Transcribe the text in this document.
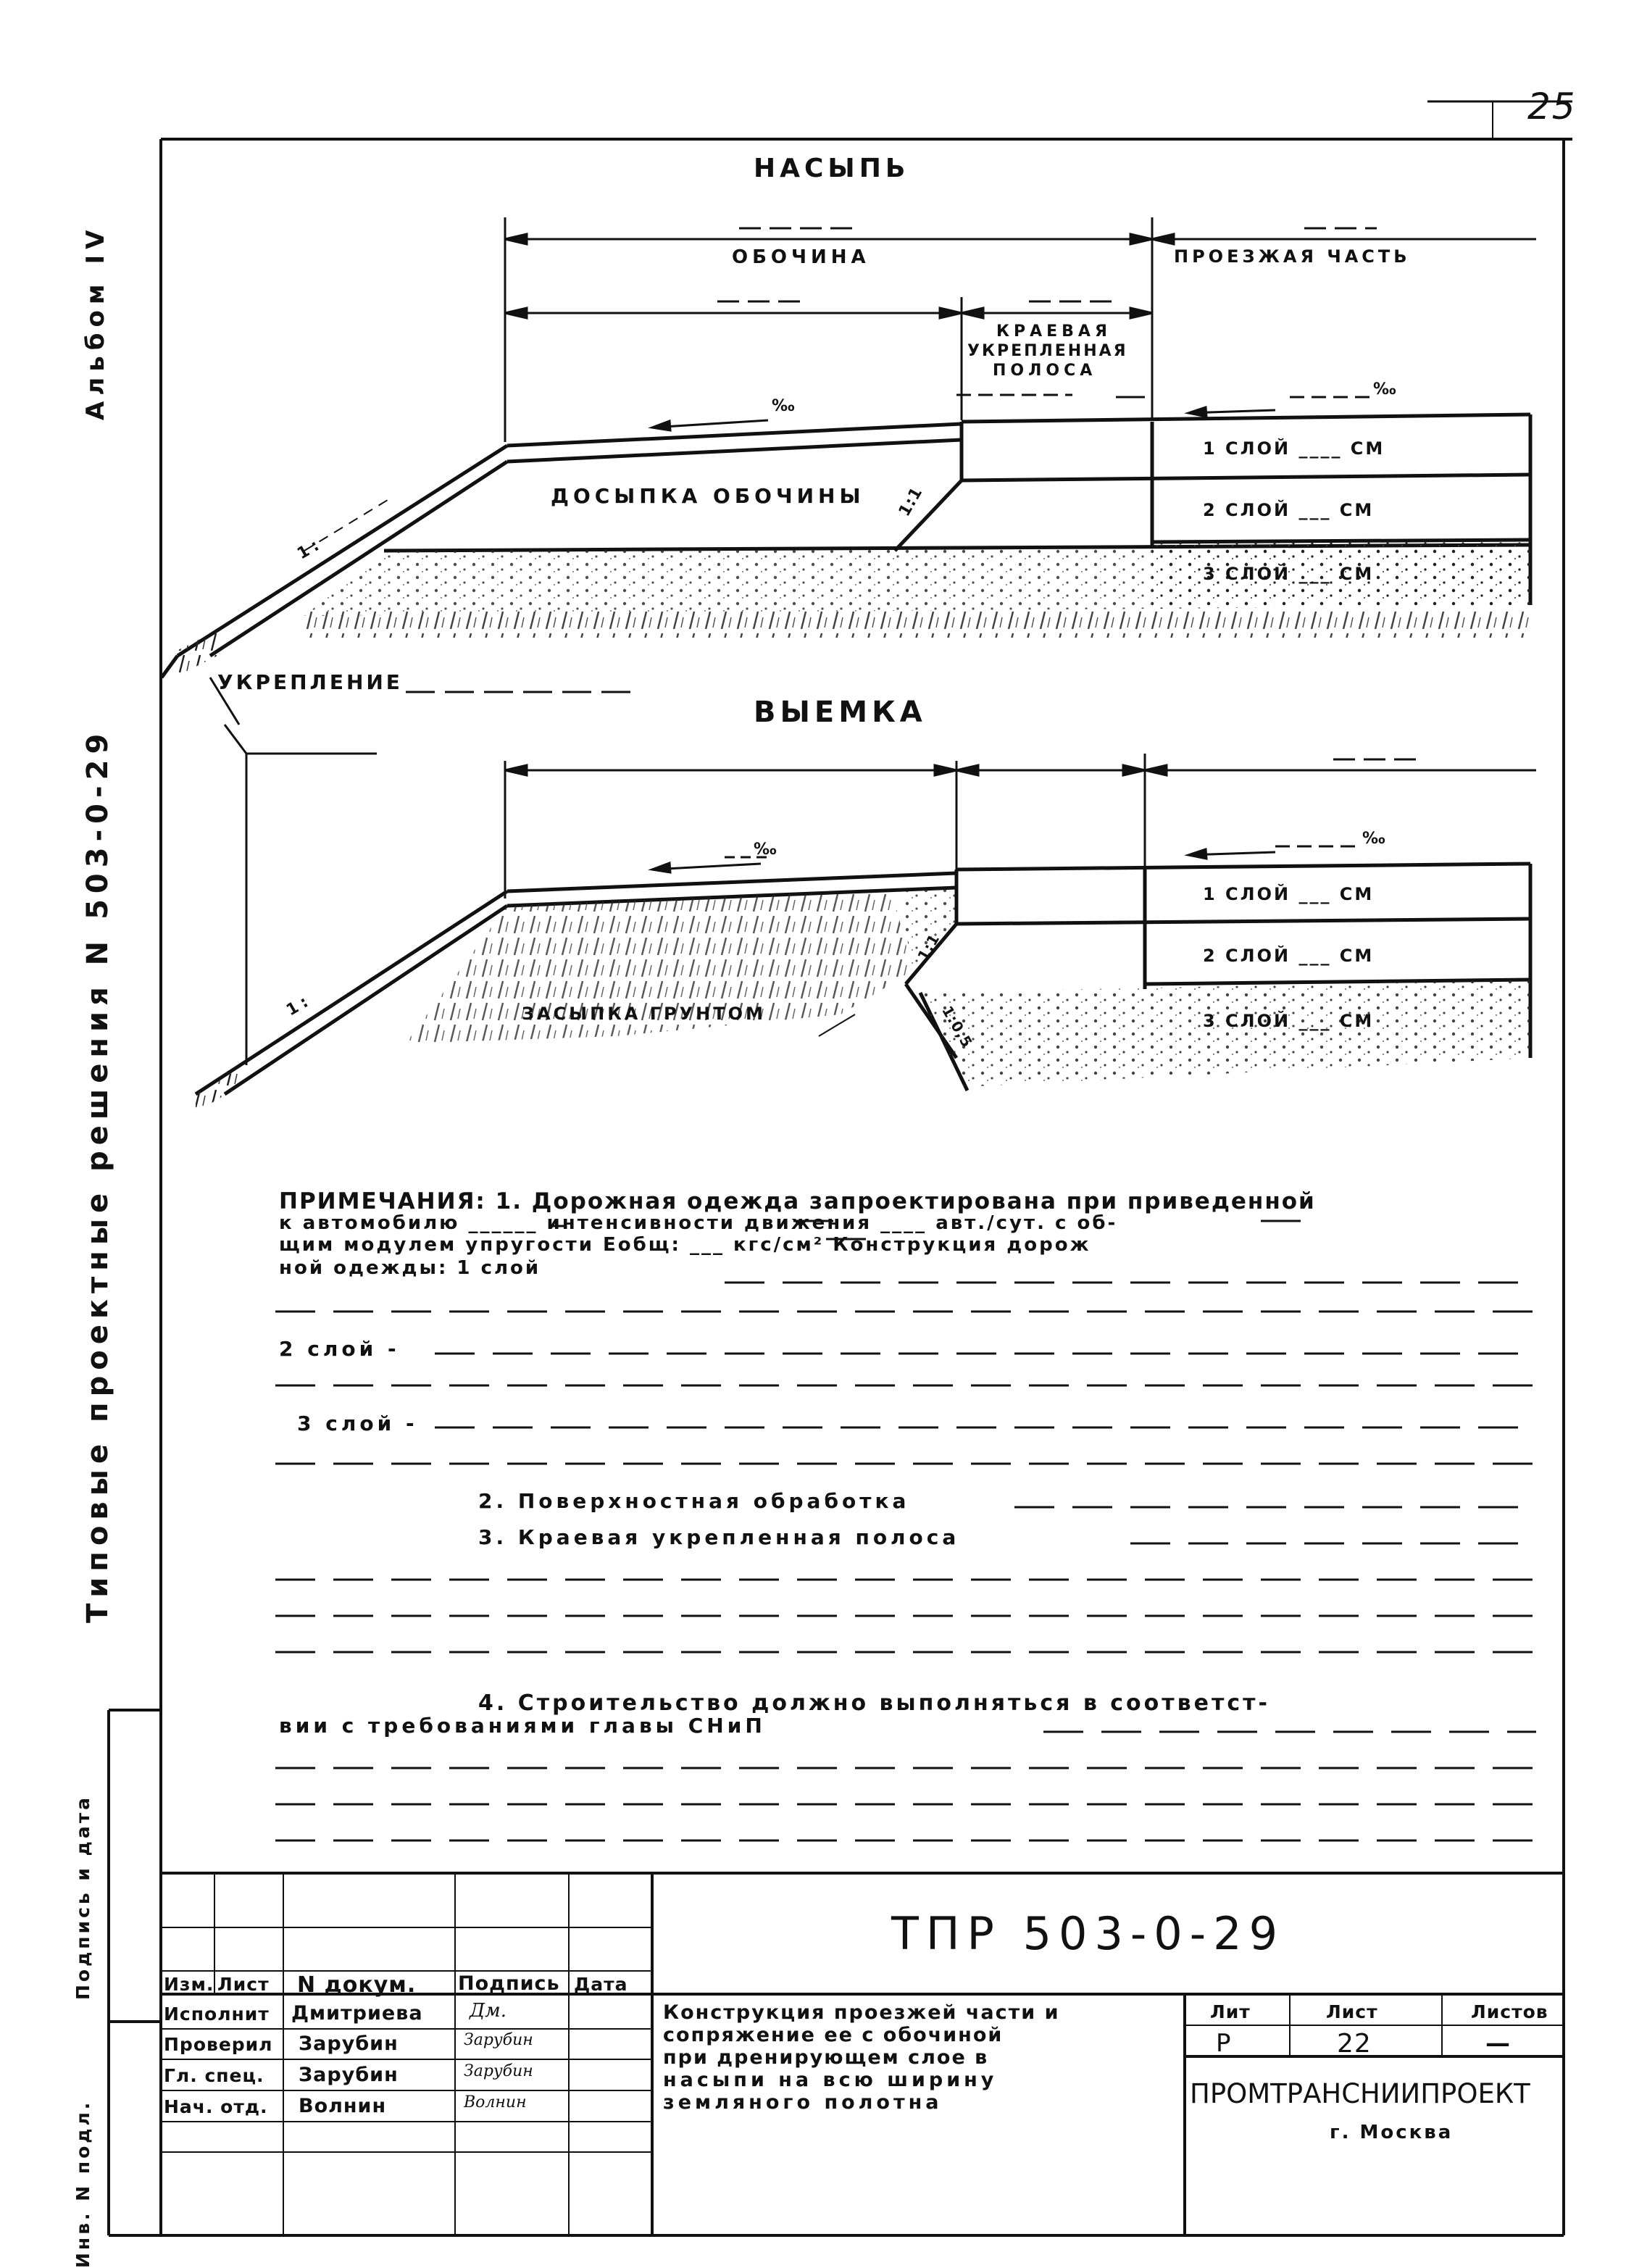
25
Альбом IV
Типовые проектные решения N 503-0-29
Подпись и дата
Инв. N подл.
НАСЫПЬ
ОБОЧИНА	ПРОЕЗЖАЯ ЧАСТЬ
КРАЕВАЯ
УКРЕПЛЕННАЯ
ПОЛОСА
‰
‰
ДОСЫПКА ОБОЧИНЫ
1 СЛОЙ ____ СМ
2 СЛОЙ ___ СМ
3 СЛОЙ ___ СМ
1:1
1:
УКРЕПЛЕНИЕ
ВЫЕМКА
‰
‰
1 СЛОЙ ___ СМ
2 СЛОЙ ___ СМ
3 СЛОЙ ___ СМ
ЗАСЫПКА ГРУНТОМ
1:1
1:0,5
1:
ПРИМЕЧАНИЯ: 1. Дорожная одежда запроектирована при приведенной
к автомобилю ______ интенсивности движения ____ авт./сут. с об-
щим модулем упругости Еобщ: ___ кгс/см² Конструкция дорож
ной одежды: 1 слой
2 слой -
3 слой -
2. Поверхностная обработка
3. Краевая укрепленная полоса
4. Строительство должно выполняться в соответст-
вии с требованиями главы СНиП
ТПР 503-0-29
Изм. Лист N докум. Подпись Дата
Исполнит Дмитриева Дм.
Проверил Зарубин	Зарубин
Гл. спец. Зарубин	Зарубин
Нач. отд. Волнин	Волнин
Конструкция проезжей части и
сопряжение ее с обочиной
при дренирующем слое в
насыпи на всю ширину
земляного полотна
Лит	Лист	Листов
Р	22	—
ПРОМТРАНСНИИПРОЕКТ
г. Москва
